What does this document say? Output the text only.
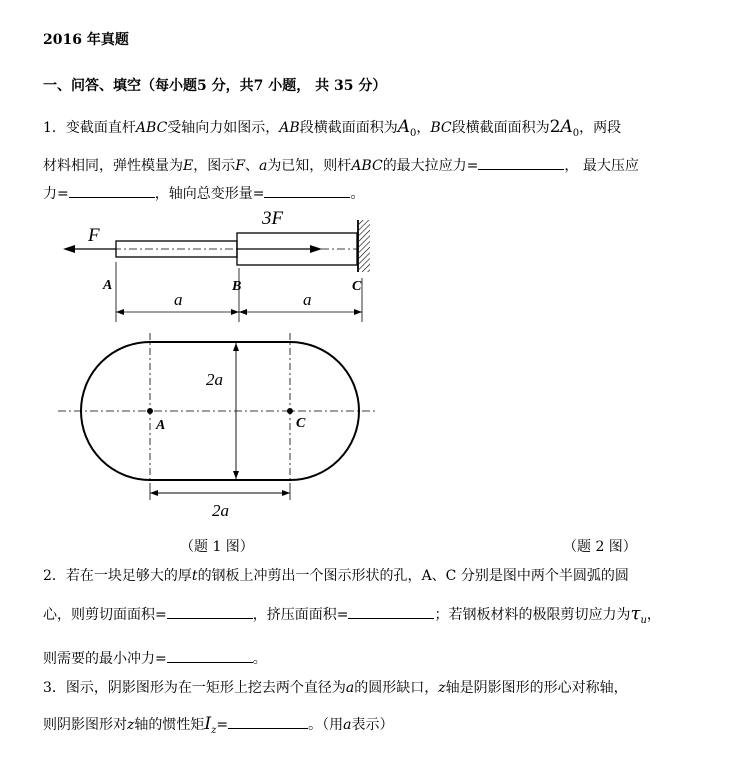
2016 年真题
一、问答、填空（每小题5 分，共7 小题， 共 35 分）
1．变截面直杆ABC受轴向力如图示，AB段横截面面积为$A_0$，BC段横截面面积为$2A_0$，两段
材料相同，弹性模量为E，图示F、a为已知，则杆ABC的最大拉应力=	， 最大压应
力=	，轴向总变形量=	。
F
3F
A	B	C
a	a
2a
A	C
2a
（题 1 图）	（题 2 图）
2．若在一块足够大的厚t的钢板上冲剪出一个图示形状的孔，A、C 分别是图中两个半圆弧的圆
心，则剪切面面积=	，挤压面面积=	；若钢板材料的极限剪切应力为$\tau_u$，
则需要的最小冲力=	。
3．图示，阴影图形为在一矩形上挖去两个直径为a的圆形缺口，z轴是阴影图形的形心对称轴，
则阴影图形对z轴的惯性矩$I_z=$	。（用a表示）
